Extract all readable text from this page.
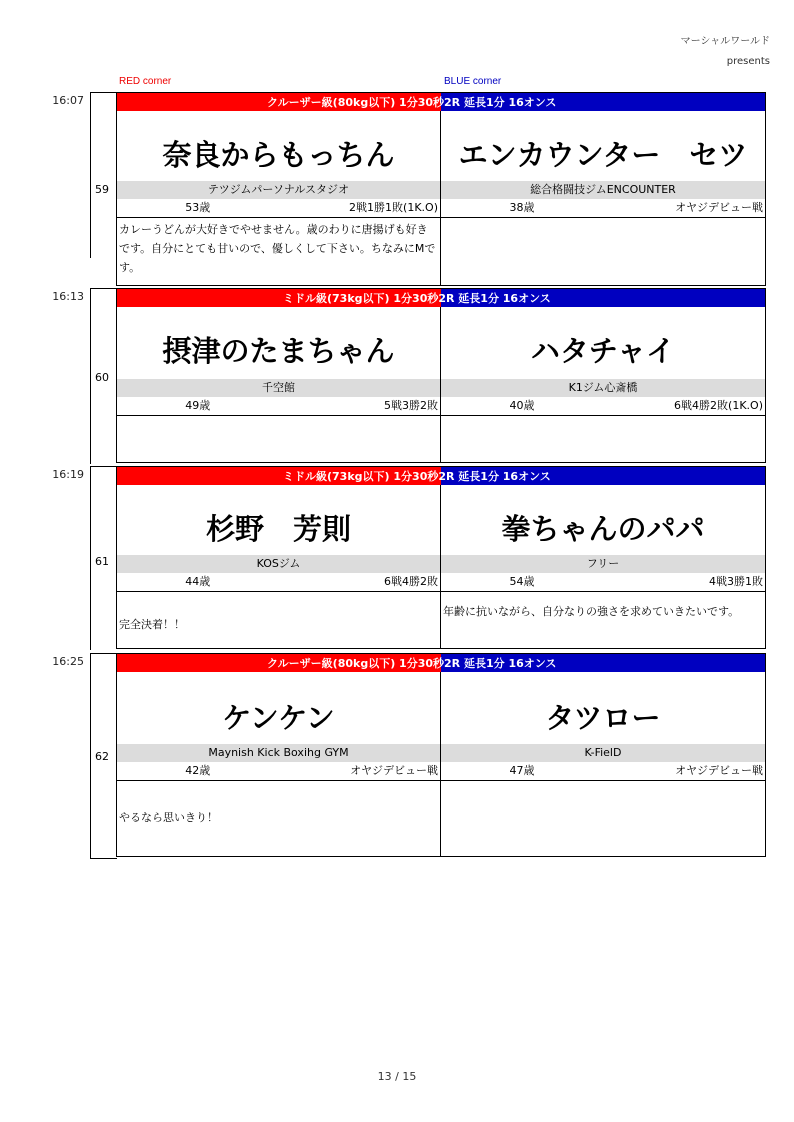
マーシャルワールド
presents
RED corner	BLUE corner
16:07
59
クルーザー級(80kg以下) 1分30秒2R 延長1分 16オンス
奈良からもっちん
テツジムパーソナルスタジオ
53歳	2戦1勝1敗(1K.O)
カレーうどんが大好きでやせません。歳のわりに唐揚げも好きです。自分にとても甘いので、優しくして下さい。ちなみにMです。
エンカウンター　セツ
総合格闘技ジムENCOUNTER
38歳	オヤジデビュー戦
16:13
60
ミドル級(73kg以下) 1分30秒2R 延長1分 16オンス
摂津のたまちゃん
千空館
49歳	5戦3勝2敗
ハタチャイ
K1ジム心斎橋
40歳	6戦4勝2敗(1K.O)
16:19
61
ミドル級(73kg以下) 1分30秒2R 延長1分 16オンス
杉野　芳則
KOSジム
44歳	6戦4勝2敗
完全決着！！
拳ちゃんのパパ
フリー
54歳	4戦3勝1敗
年齢に抗いながら、自分なりの強さを求めていきたいです。
16:25
62
クルーザー級(80kg以下) 1分30秒2R 延長1分 16オンス
ケンケン
Maynish Kick Boxihg GYM
42歳	オヤジデビュー戦
やるなら思いきり！
タツロー
K-FielD
47歳	オヤジデビュー戦
13 / 15
